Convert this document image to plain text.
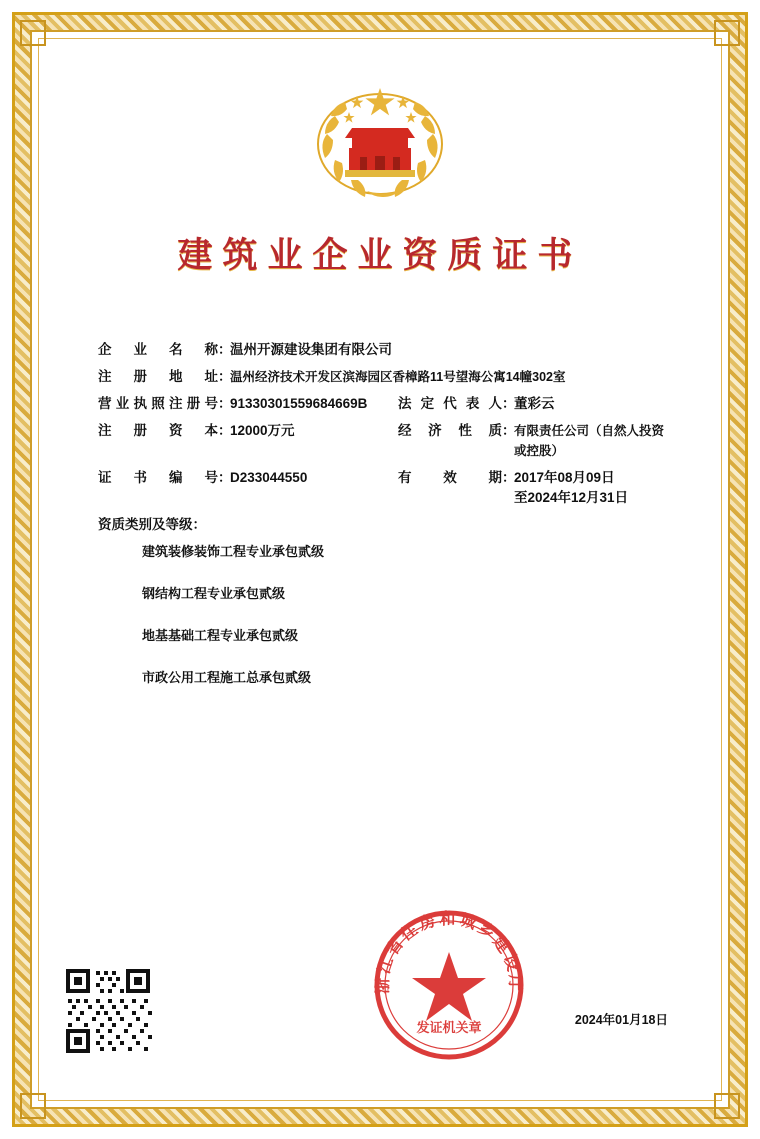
建筑业企业资质证书
企业名称 ：
温州开源建设集团有限公司
注册地址 ：
温州经济技术开发区滨海园区香樟路11号望海公寓14幢302室
营业执照注册号 ：
91330301559684669B 法定代表人 ：
董彩云
注册资本 ：
12000万元	经济性质 ：
有限责任公司（自然人投资或控股）
证书编号 ：
D233044550	有效期 ：
2017年08月09日
至2024年12月31日
资质类别及等级 ：
建筑装修装饰工程专业承包贰级
钢结构工程专业承包贰级
地基基础工程专业承包贰级
市政公用工程施工总承包贰级
浙江省住房和城乡建设厅
发证机关章
2024年01月18日
